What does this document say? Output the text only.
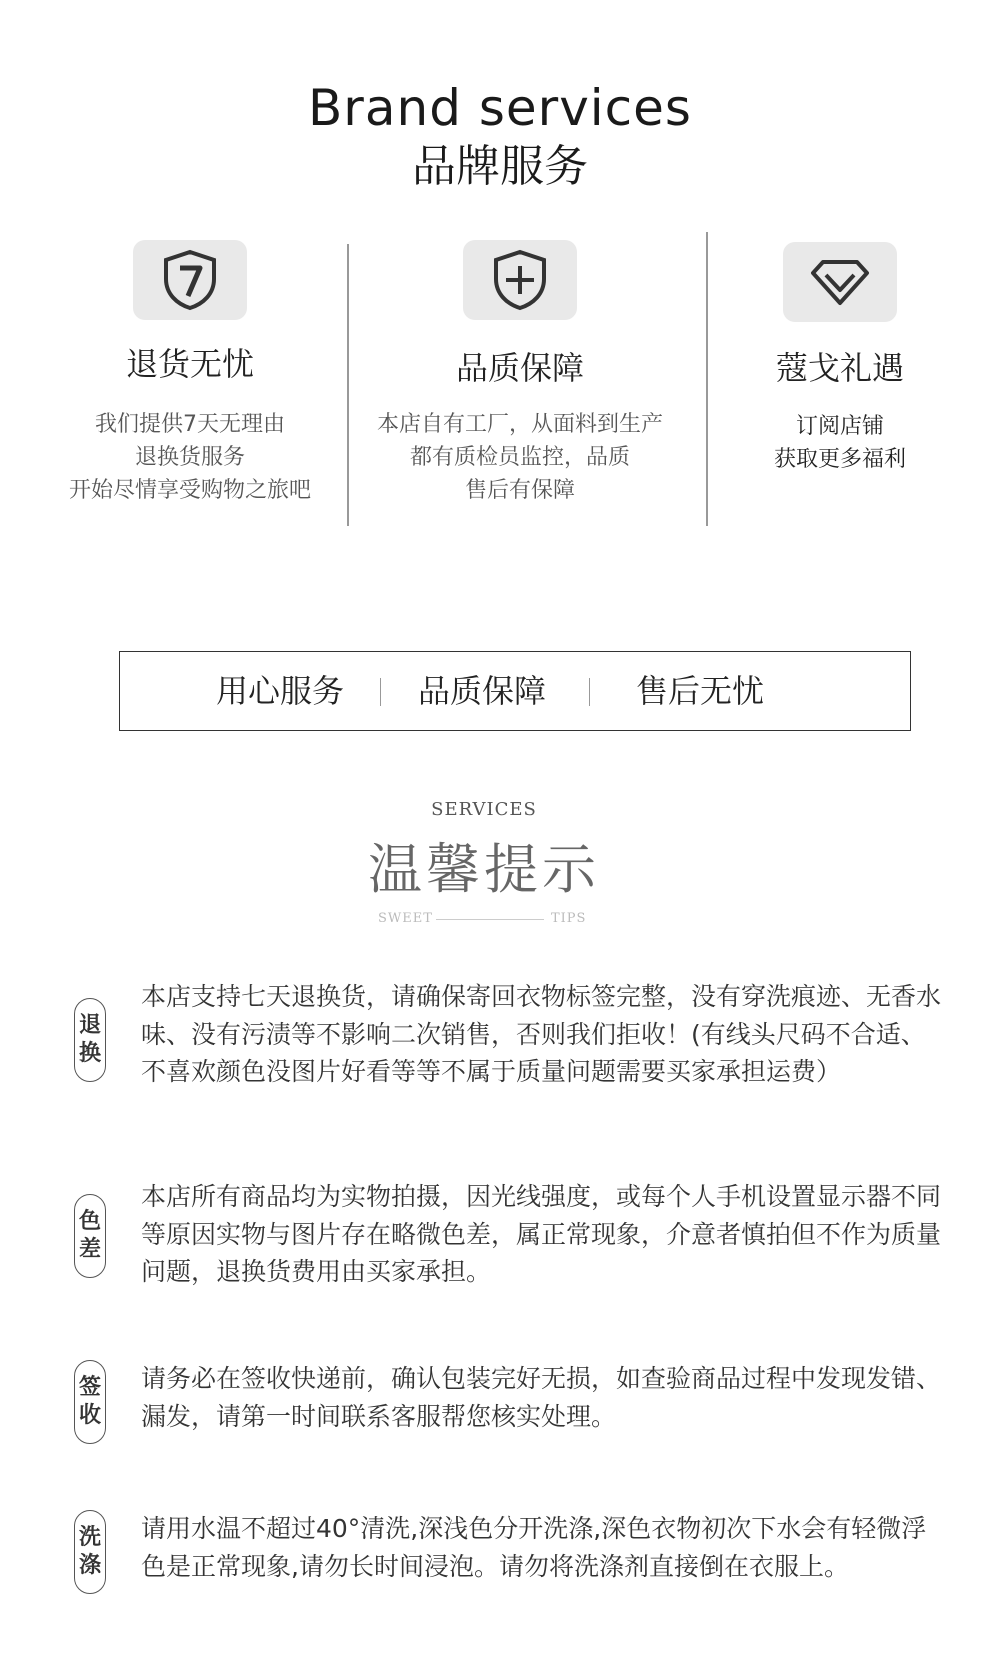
Brand services
品牌服务
退货无忧
我们提供7天无理由
退换货服务
开始尽情享受购物之旅吧
品质保障
本店自有工厂，从面料到生产
都有质检员监控，品质
售后有保障
蔻戈礼遇
订阅店铺
获取更多福利
用心服务	品质保障	售后无忧
SERVICES
温馨提示
SWEET	TIPS
退
换
本店支持七天退换货，请确保寄回衣物标签完整，没有穿洗痕迹、无香水味、没有污渍等不影响二次销售，否则我们拒收！(有线头尺码不合适、不喜欢颜色没图片好看等等不属于质量问题需要买家承担运费）
色
差
本店所有商品均为实物拍摄，因光线强度，或每个人手机设置显示器不同等原因实物与图片存在略微色差，属正常现象，介意者慎拍但不作为质量问题，退换货费用由买家承担。
签
收
请务必在签收快递前，确认包装完好无损，如查验商品过程中发现发错、漏发，请第一时间联系客服帮您核实处理。
洗
涤
请用水温不超过40°清洗,深浅色分开洗涤,深色衣物初次下水会有轻微浮色是正常现象,请勿长时间浸泡。请勿将洗涤剂直接倒在衣服上。
